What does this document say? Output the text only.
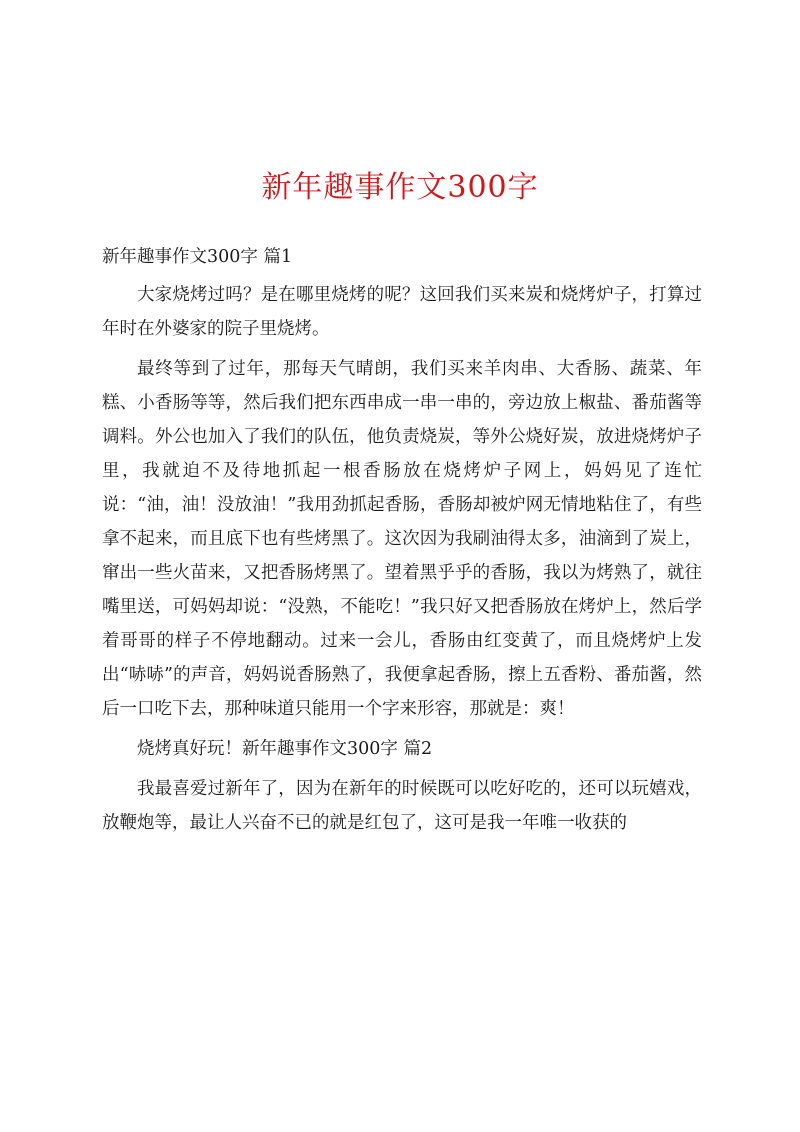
新年趣事作文300字

新年趣事作文300字 篇1

大家烧烤过吗？是在哪里烧烤的呢？这回我们买来炭和烧烤炉子，打算过年时在外婆家的院子里烧烤。

最终等到了过年，那每天气晴朗，我们买来羊肉串、大香肠、蔬菜、年糕、小香肠等等，然后我们把东西串成一串一串的，旁边放上椒盐、番茄酱等调料。外公也加入了我们的队伍，他负责烧炭，等外公烧好炭，放进烧烤炉子里，我就迫不及待地抓起一根香肠放在烧烤炉子网上，妈妈见了连忙说：“油，油！没放油！”我用劲抓起香肠，香肠却被炉网无情地粘住了，有些拿不起来，而且底下也有些烤黑了。这次因为我刷油得太多，油滴到了炭上，窜出一些火苗来，又把香肠烤黑了。望着黑乎乎的香肠，我以为烤熟了，就往嘴里送，可妈妈却说：“没熟，不能吃！”我只好又把香肠放在烤炉上，然后学着哥哥的样子不停地翻动。过来一会儿，香肠由红变黄了，而且烧烤炉上发出“哧哧”的声音，妈妈说香肠熟了，我便拿起香肠，擦上五香粉、番茄酱，然后一口吃下去，那种味道只能用一个字来形容，那就是：爽！

烧烤真好玩！新年趣事作文300字 篇2

我最喜爱过新年了，因为在新年的时候既可以吃好吃的，还可以玩嬉戏，放鞭炮等，最让人兴奋不已的就是红包了，这可是我一年唯一收获的
